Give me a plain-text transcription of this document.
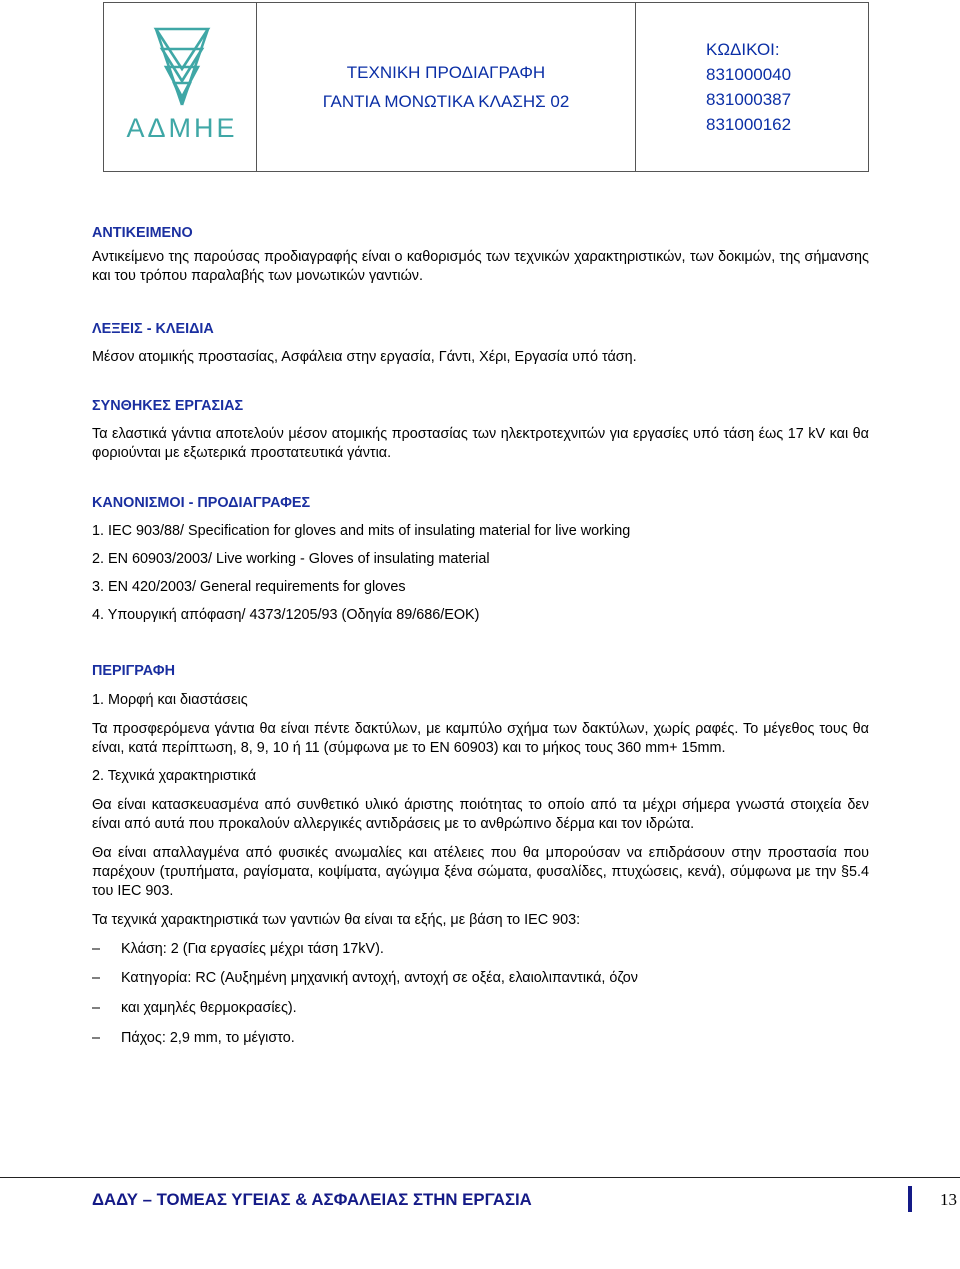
ΑΔΜΗΕ
ΤΕΧΝΙΚΗ ΠΡΟΔΙΑΓΡΑΦΗ
ΓΑΝΤΙΑ ΜΟΝΩΤΙΚΑ ΚΛΑΣΗΣ 02
ΚΩΔΙΚΟΙ:
831000040
831000387
831000162

ΑΝΤΙΚΕΙΜΕΝΟ

Αντικείμενο της παρούσας προδιαγραφής είναι ο καθορισμός των τεχνικών χαρακτηριστικών, των δοκιμών, της σήμανσης και του τρόπου παραλαβής των μονωτικών γαντιών.

ΛΕΞΕΙΣ - ΚΛΕΙΔΙΑ

Μέσον ατομικής προστασίας, Ασφάλεια στην εργασία, Γάντι, Χέρι, Εργασία υπό τάση.

ΣΥΝΘΗΚΕΣ ΕΡΓΑΣΙΑΣ

Τα ελαστικά γάντια αποτελούν μέσον ατομικής προστασίας των ηλεκτροτεχνιτών για εργασίες υπό τάση έως 17 kV και θα φοριούνται με εξωτερικά προστατευτικά γάντια.

ΚΑΝΟΝΙΣΜΟΙ - ΠΡΟΔΙΑΓΡΑΦΕΣ

1. IEC 903/88/ Specification for gloves and mits of insulating material for live working

2. EN 60903/2003/ Live working - Gloves of insulating material

3. EN 420/2003/ General requirements for gloves

4. Υπουργική απόφαση/ 4373/1205/93 (Οδηγία 89/686/ΕΟΚ)

ΠΕΡΙΓΡΑΦΗ

1. Μορφή και διαστάσεις

Τα προσφερόμενα γάντια θα είναι πέντε δακτύλων, με καμπύλο σχήμα των δακτύλων, χωρίς ραφές. Το μέγεθος τους θα είναι, κατά περίπτωση, 8, 9, 10 ή 11 (σύμφωνα με το EN 60903) και το μήκος τους 360 mm+ 15mm.

2. Τεχνικά χαρακτηριστικά

Θα είναι κατασκευασμένα από συνθετικό υλικό άριστης ποιότητας το οποίο από τα μέχρι σήμερα γνωστά στοιχεία δεν είναι από αυτά που προκαλούν αλλεργικές αντιδράσεις με το ανθρώπινο δέρμα και τον ιδρώτα.

Θα είναι απαλλαγμένα από φυσικές ανωμαλίες και ατέλειες που θα μπορούσαν να επιδράσουν στην προστασία που παρέχουν (τρυπήματα, ραγίσματα, κοψίματα, αγώγιμα ξένα σώματα, φυσαλίδες, πτυχώσεις, κενά), σύμφωνα με την §5.4 του IEC 903.

Τα τεχνικά χαρακτηριστικά των γαντιών θα είναι τα εξής, με βάση το IEC 903:

– Κλάση: 2 (Για εργασίες μέχρι τάση 17kV).
– Κατηγορία: RC (Αυξημένη μηχανική αντοχή, αντοχή σε οξέα, ελαιολιπαντικά, όζον
– και χαμηλές θερμοκρασίες).
– Πάχος: 2,9 mm, το μέγιστο.
ΔΑΔΥ – ΤΟΜΕΑΣ ΥΓΕΙΑΣ & ΑΣΦΑΛΕΙΑΣ ΣΤΗΝ ΕΡΓΑΣΙΑ	13
